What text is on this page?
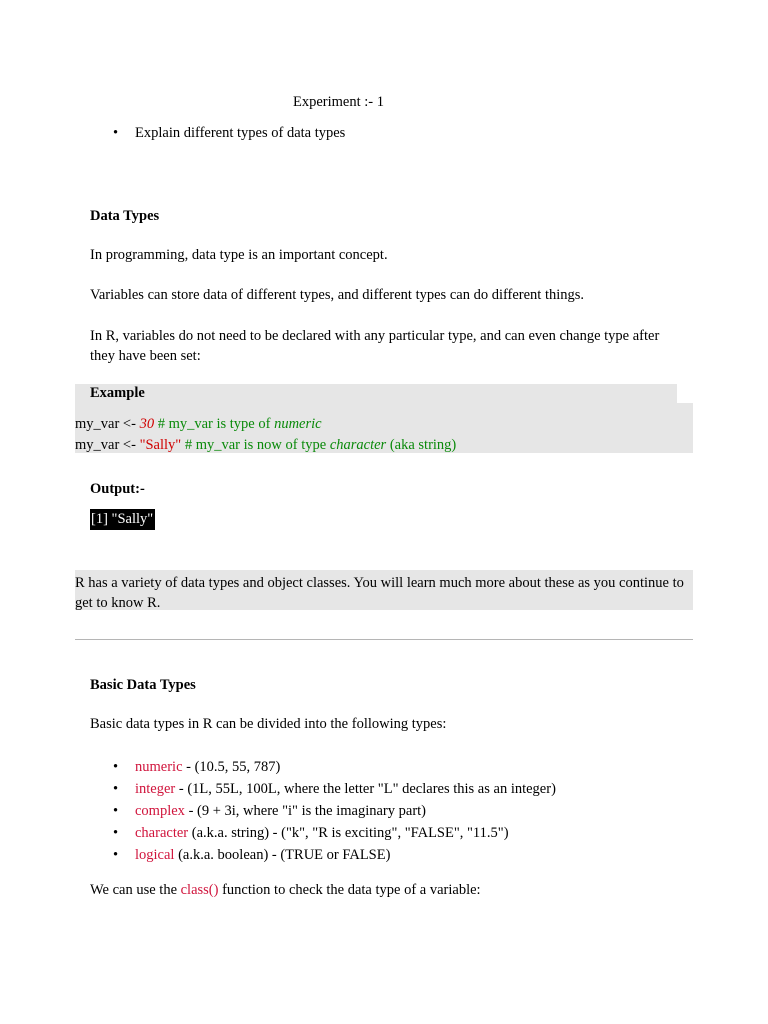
Experiment :- 1
• Explain different types of data types
Data Types
In programming, data type is an important concept.
Variables can store data of different types, and different types can do different things.
In R, variables do not need to be declared with any particular type, and can even change type after they have been set:
Example
my_var <- 30 # my_var is type of numeric
my_var <- "Sally" # my_var is now of type character (aka string)
Output:-
[1] "Sally"
R has a variety of data types and object classes. You will learn much more about these as you continue to get to know R.
Basic Data Types
Basic data types in R can be divided into the following types:
• numeric - (10.5, 55, 787)
• integer - (1L, 55L, 100L, where the letter "L" declares this as an integer)
• complex - (9 + 3i, where "i" is the imaginary part)
• character (a.k.a. string) - ("k", "R is exciting", "FALSE", "11.5")
• logical (a.k.a. boolean) - (TRUE or FALSE)
We can use the class() function to check the data type of a variable:
